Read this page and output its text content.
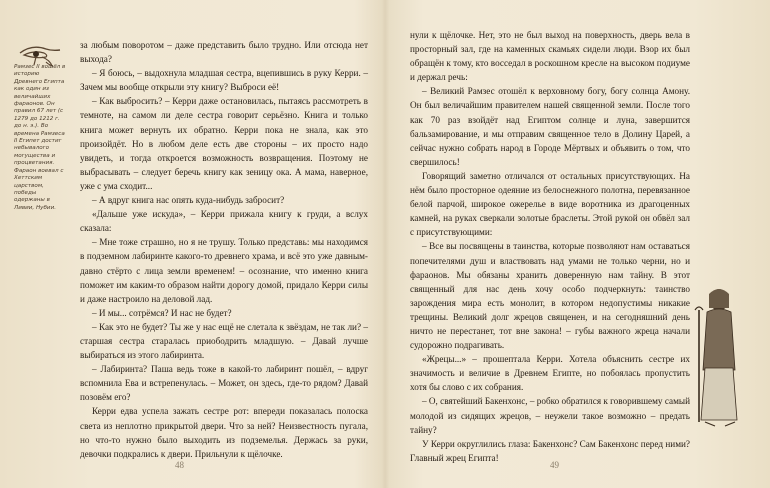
Рамзес II вошёл в историю Древнего Египта как один из величайших фараонов. Он правил 67 лет (с 1279 до 1212 г. до н. э.). Во времена Рамзеса II Египет достиг небывалого могущества и процветания. Фараон воевал с Хеттским царством, победы одержаны в Ливии, Нубии.

за любым поворотом – даже представить было трудно. Или отсюда нет выхода?

– Я боюсь, – выдохнула младшая сестра, вцепившись в руку Керри. – Зачем мы вообще открыли эту книгу? Выброси её!

– Как выбросить? – Керри даже остановилась, пытаясь рассмотреть в темноте, на самом ли деле сестра говорит серьёзно. Книга и только книга может вернуть их обратно. Керри пока не знала, как это произойдёт. Но в любом деле есть две стороны – их просто надо увидеть, и тогда откроется возможность возвращения. Поэтому не выбрасывать – следует беречь книгу как зеницу ока. А мама, наверное, уже с ума сходит...

– А вдруг книга нас опять куда-нибудь забросит?

«Дальше уже искуда», – Керри прижала книгу к груди, а вслух сказала:

– Мне тоже страшно, но я не трушу. Только представь: мы находимся в подземном лабиринте какого-то древнего храма, и всё это уже давным-давно стёрто с лица земли временем! – осознание, что именно книга поможет им каким-то образом найти дорогу домой, придало Керри силы и даже настроило на деловой лад.

– И мы... сотрёмся? И нас не будет?

– Как это не будет? Ты же у нас ещё не слетала к звёздам, не так ли? – старшая сестра старалась приободрить младшую. – Давай лучше выбираться из этого лабиринта.

– Лабиринта? Паша ведь тоже в какой-то лабиринт пошёл, – вдруг вспомнила Ева и встрепенулась. – Может, он здесь, где-то рядом? Давай позовём его?

Керри едва успела зажать сестре рот: впереди показалась полоска света из неплотно прикрытой двери. Что за ней? Неизвестность пугала, но что-то нужно было выходить из подземелья. Держась за руки, девочки подкрались к двери. Прильнули к щёлочке.

48

нули к щёлочке. Нет, это не был выход на поверхность, дверь вела в просторный зал, где на каменных скамьях сидели люди. Взор их был обращён к тому, кто восседал в роскошном кресле на высоком подиуме и держал речь:

– Великий Рамзес отошёл к верховному богу, богу солнца Амону. Он был величайшим правителем нашей священной земли. После того как 70 раз взойдёт над Египтом солнце и луна, завершится бальзамирование, и мы отправим священное тело в Долину Царей, а сейчас нужно собрать народ в Городе Мёртвых и объявить о том, что свершилось!

Говорящий заметно отличался от остальных присутствующих. На нём было просторное одеяние из белоснежного полотна, перевязанное белой парчой, широкое ожерелье в виде воротника из драгоценных камней, на руках сверкали золотые браслеты. Этой рукой он обвёл зал с присутствующими:

– Все вы посвящены в таинства, которые позволяют нам оставаться попечителями душ и властвовать над умами не только черни, но и фараонов. Мы обязаны хранить доверенную нам тайну. В этот священный для нас день хочу особо подчеркнуть: таинство зарождения мира есть монолит, в котором недопустимы никакие трещины. Великий долг жрецов священен, и на сегодняшний день ничто не перестанет, тот вне закона! – губы важного жреца начали судорожно подрагивать.

«Жрецы...» – прошептала Керри. Хотела объяснить сестре их значимость и величие в Древнем Египте, но побоялась пропустить хотя бы слово с их собрания.

– О, святейший Бакенхонс, – робко обратился к говорившему самый молодой из сидящих жрецов, – неужели такое возможно – предать тайну?

У Керри округлились глаза: Бакенхонс? Сам Бакенхонс перед ними? Главный жрец Египта!

49
